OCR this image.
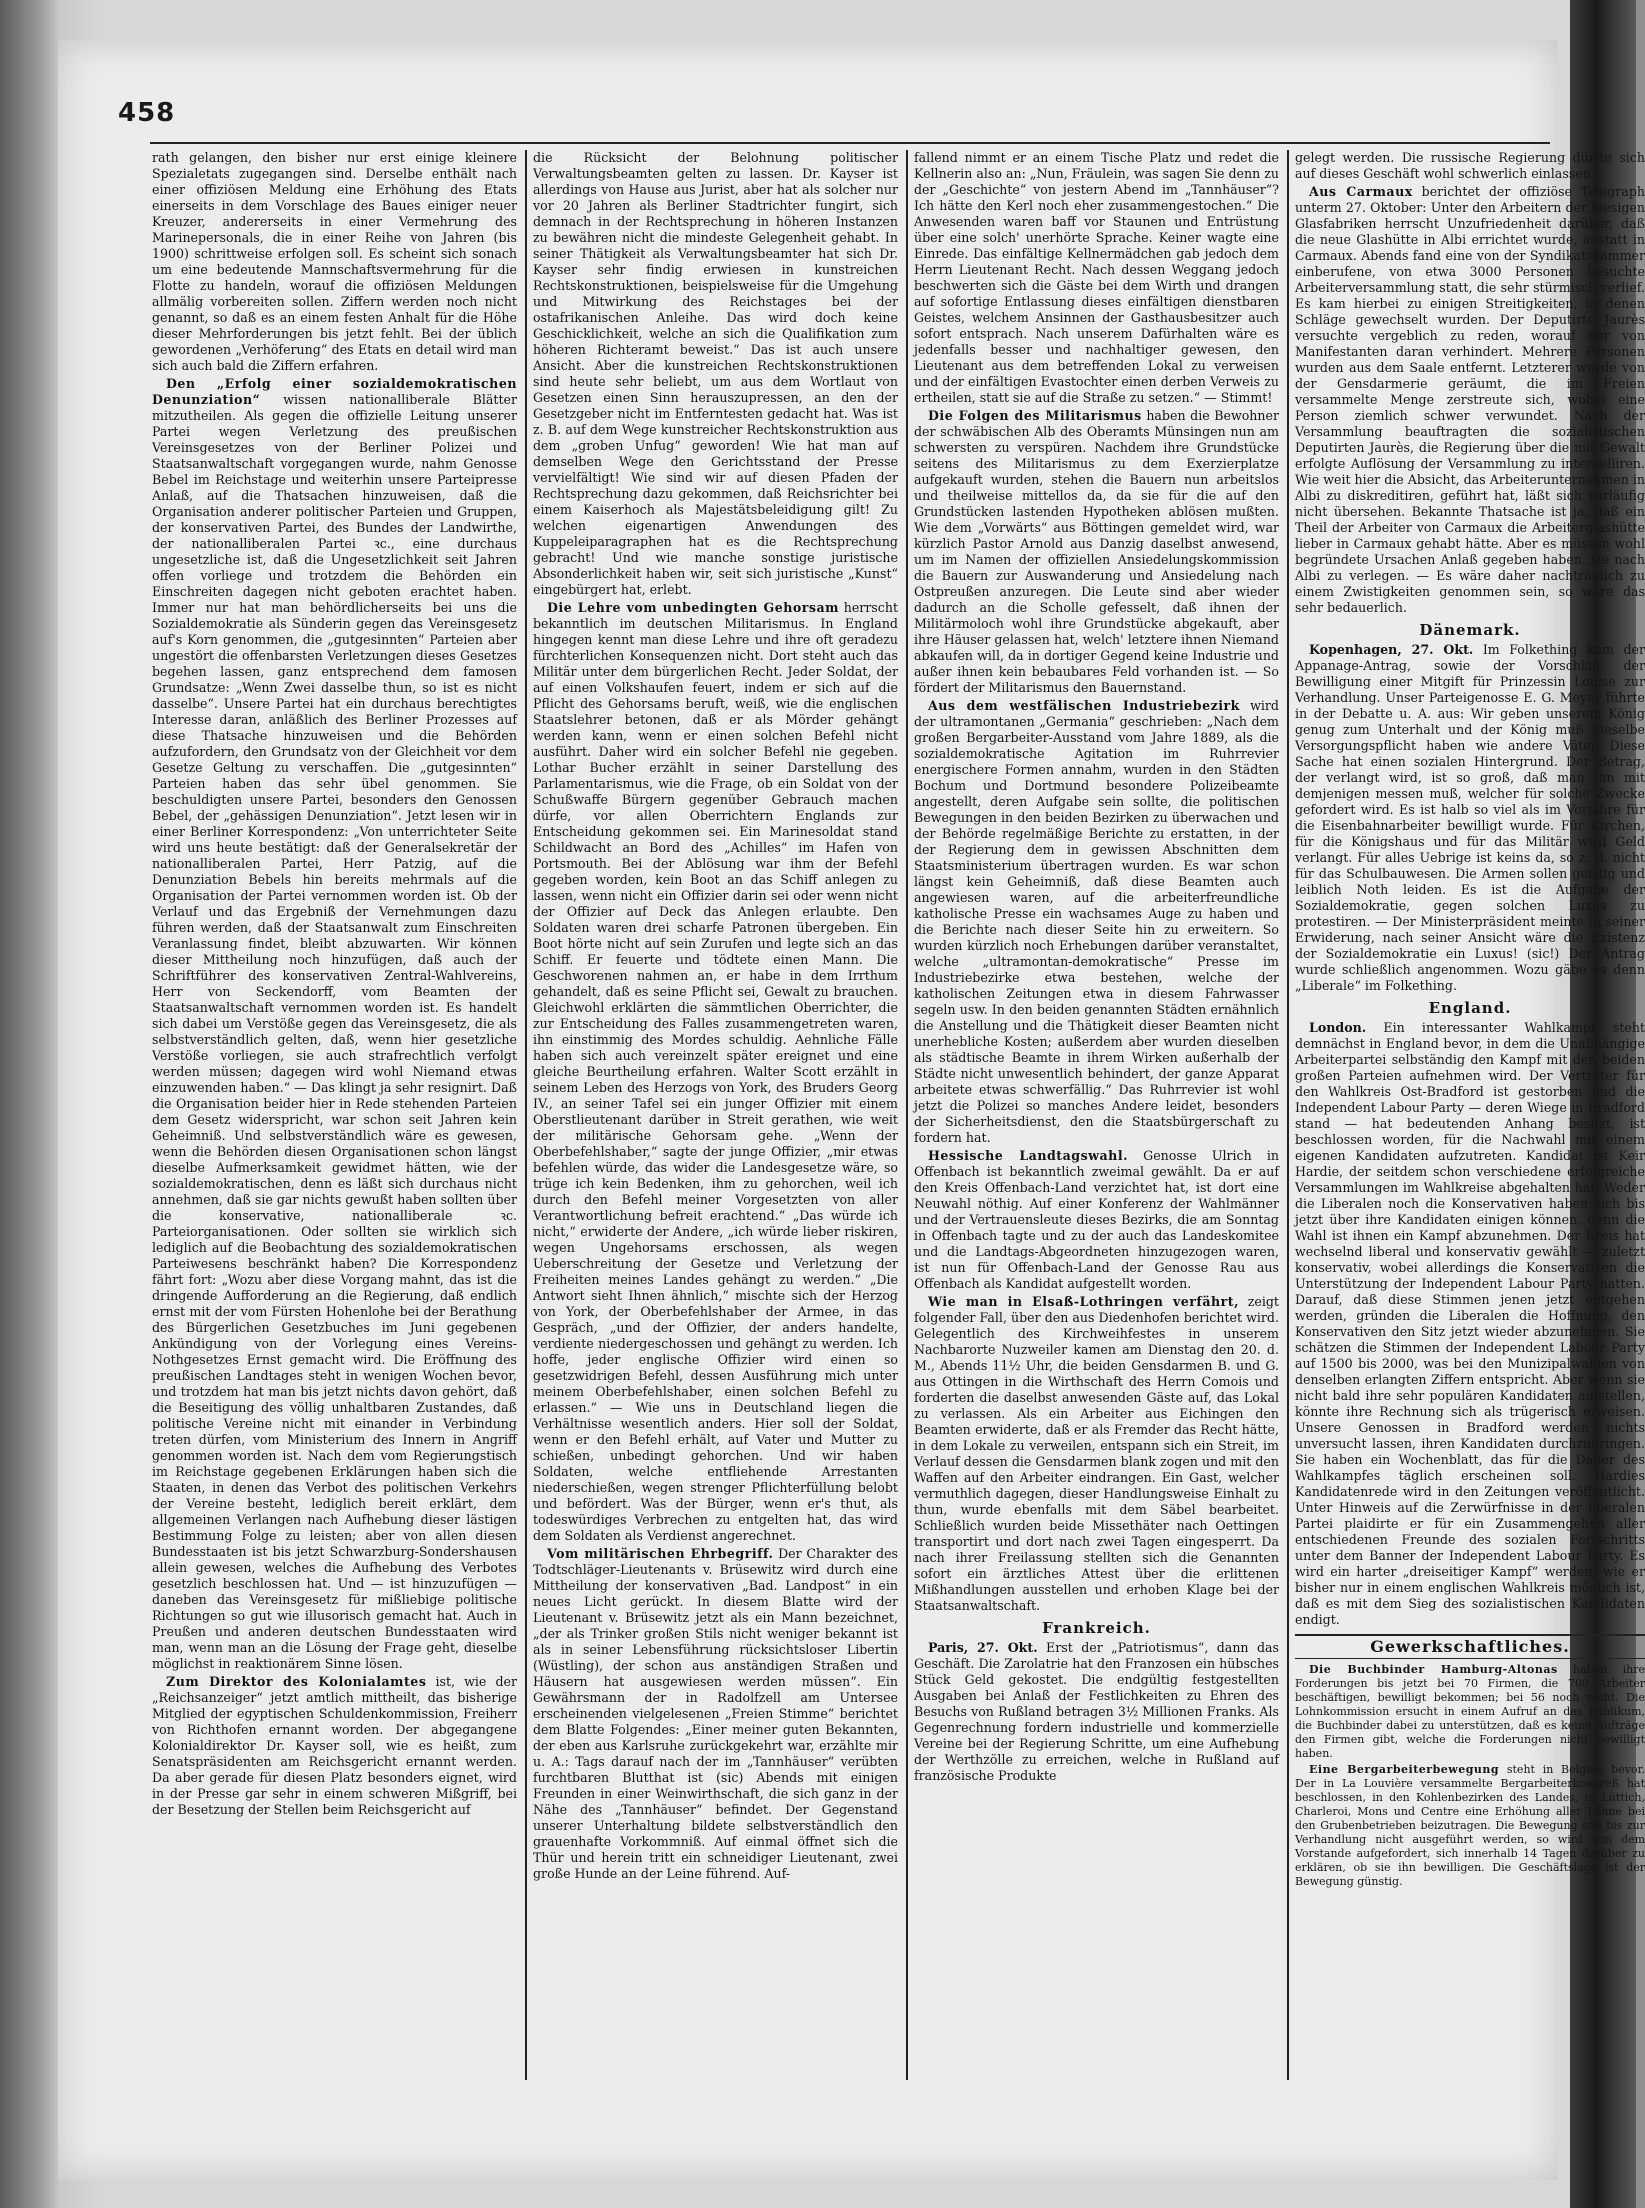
458

rath gelangen, den bisher nur erst einige kleinere Spezialetats zugegangen sind. Derselbe enthält nach einer offiziösen Meldung eine Erhöhung des Etats einerseits in dem Vorschlage des Baues einiger neuer Kreuzer, andererseits in einer Vermehrung des Marinepersonals, die in einer Reihe von Jahren (bis 1900) schrittweise erfolgen soll. Es scheint sich sonach um eine bedeutende Mannschaftsvermehrung für die Flotte zu handeln, worauf die offiziösen Meldungen allmälig vorbereiten sollen. Ziffern werden noch nicht genannt, so daß es an einem festen Anhalt für die Höhe dieser Mehrforderungen bis jetzt fehlt. Bei der üblich gewordenen „Verhöferung“ des Etats en detail wird man sich auch bald die Ziffern erfahren.

Den „Erfolg einer sozialdemokratischen Denunziation“ wissen nationalliberale Blätter mitzutheilen. Als gegen die offizielle Leitung unserer Partei wegen Verletzung des preußischen Vereinsgesetzes von der Berliner Polizei und Staatsanwaltschaft vorgegangen wurde, nahm Genosse Bebel im Reichstage und weiterhin unsere Parteipresse Anlaß, auf die Thatsachen hinzuweisen, daß die Organisation anderer politischer Parteien und Gruppen, der konservativen Partei, des Bundes der Landwirthe, der nationalliberalen Partei ꝛc., eine durchaus ungesetzliche ist, daß die Ungesetzlichkeit seit Jahren offen vorliege und trotzdem die Behörden ein Einschreiten dagegen nicht geboten erachtet haben. Immer nur hat man behördlicherseits bei uns die Sozialdemokratie als Sünderin gegen das Vereinsgesetz auf's Korn genommen, die „gutgesinnten“ Parteien aber ungestört die offenbarsten Verletzungen dieses Gesetzes begehen lassen, ganz entsprechend dem famosen Grundsatze: „Wenn Zwei dasselbe thun, so ist es nicht dasselbe“. Unsere Partei hat ein durchaus berechtigtes Interesse daran, anläßlich des Berliner Prozesses auf diese Thatsache hinzuweisen und die Behörden aufzufordern, den Grundsatz von der Gleichheit vor dem Gesetze Geltung zu verschaffen. Die „gutgesinnten“ Parteien haben das sehr übel genommen. Sie beschuldigten unsere Partei, besonders den Genossen Bebel, der „gehässigen Denunziation“. Jetzt lesen wir in einer Berliner Korrespondenz: „Von unterrichteter Seite wird uns heute bestätigt: daß der Generalsekretär der nationalliberalen Partei, Herr Patzig, auf die Denunziation Bebels hin bereits mehrmals auf die Organisation der Partei vernommen worden ist. Ob der Verlauf und das Ergebniß der Vernehmungen dazu führen werden, daß der Staatsanwalt zum Einschreiten Veranlassung findet, bleibt abzuwarten. Wir können dieser Mittheilung noch hinzufügen, daß auch der Schriftführer des konservativen Zentral-Wahlvereins, Herr von Seckendorff, vom Beamten der Staatsanwaltschaft vernommen worden ist. Es handelt sich dabei um Verstöße gegen das Vereinsgesetz, die als selbstverständlich gelten, daß, wenn hier gesetzliche Verstöße vorliegen, sie auch strafrechtlich verfolgt werden müssen; dagegen wird wohl Niemand etwas einzuwenden haben.“ — Das klingt ja sehr resignirt. Daß die Organisation beider hier in Rede stehenden Parteien dem Gesetz widerspricht, war schon seit Jahren kein Geheimniß. Und selbstverständlich wäre es gewesen, wenn die Behörden diesen Organisationen schon längst dieselbe Aufmerksamkeit gewidmet hätten, wie der sozialdemokratischen, denn es läßt sich durchaus nicht annehmen, daß sie gar nichts gewußt haben sollten über die konservative, nationalliberale ꝛc. Parteiorganisationen. Oder sollten sie wirklich sich lediglich auf die Beobachtung des sozialdemokratischen Parteiwesens beschränkt haben? Die Korrespondenz fährt fort: „Wozu aber diese Vorgang mahnt, das ist die dringende Aufforderung an die Regierung, daß endlich ernst mit der vom Fürsten Hohenlohe bei der Berathung des Bürgerlichen Gesetzbuches im Juni gegebenen Ankündigung von der Vorlegung eines Vereins-Nothgesetzes Ernst gemacht wird. Die Eröffnung des preußischen Landtages steht in wenigen Wochen bevor, und trotzdem hat man bis jetzt nichts davon gehört, daß die Beseitigung des völlig unhaltbaren Zustandes, daß politische Vereine nicht mit einander in Verbindung treten dürfen, vom Ministerium des Innern in Angriff genommen worden ist. Nach dem vom Regierungstisch im Reichstage gegebenen Erklärungen haben sich die Staaten, in denen das Verbot des politischen Verkehrs der Vereine besteht, lediglich bereit erklärt, dem allgemeinen Verlangen nach Aufhebung dieser lästigen Bestimmung Folge zu leisten; aber von allen diesen Bundesstaaten ist bis jetzt Schwarzburg-Sondershausen allein gewesen, welches die Aufhebung des Verbotes gesetzlich beschlossen hat. Und — ist hinzuzufügen — daneben das Vereinsgesetz für mißliebige politische Richtungen so gut wie illusorisch gemacht hat. Auch in Preußen und anderen deutschen Bundesstaaten wird man, wenn man an die Lösung der Frage geht, dieselbe möglichst in reaktionärem Sinne lösen.

Zum Direktor des Kolonialamtes ist, wie der „Reichsanzeiger“ jetzt amtlich mittheilt, das bisherige Mitglied der egyptischen Schuldenkommission, Freiherr von Richthofen ernannt worden. Der abgegangene Kolonialdirektor Dr. Kayser soll, wie es heißt, zum Senatspräsidenten am Reichsgericht ernannt werden. Da aber gerade für diesen Platz besonders eignet, wird in der Presse gar sehr in einem schweren Mißgriff, bei der Besetzung der Stellen beim Reichsgericht auf

die Rücksicht der Belohnung politischer Verwaltungsbeamten gelten zu lassen. Dr. Kayser ist allerdings von Hause aus Jurist, aber hat als solcher nur vor 20 Jahren als Berliner Stadtrichter fungirt, sich demnach in der Rechtsprechung in höheren Instanzen zu bewähren nicht die mindeste Gelegenheit gehabt. In seiner Thätigkeit als Verwaltungsbeamter hat sich Dr. Kayser sehr findig erwiesen in kunstreichen Rechtskonstruktionen, beispielsweise für die Umgehung und Mitwirkung des Reichstages bei der ostafrikanischen Anleihe. Das wird doch keine Geschicklichkeit, welche an sich die Qualifikation zum höheren Richteramt beweist.“ Das ist auch unsere Ansicht. Aber die kunstreichen Rechtskonstruktionen sind heute sehr beliebt, um aus dem Wortlaut von Gesetzen einen Sinn herauszupressen, an den der Gesetzgeber nicht im Entferntesten gedacht hat. Was ist z. B. auf dem Wege kunstreicher Rechtskonstruktion aus dem „groben Unfug“ geworden! Wie hat man auf demselben Wege den Gerichtsstand der Presse vervielfältigt! Wie sind wir auf diesen Pfaden der Rechtsprechung dazu gekommen, daß Reichsrichter bei einem Kaiserhoch als Majestätsbeleidigung gilt! Zu welchen eigenartigen Anwendungen des Kuppeleiparagraphen hat es die Rechtsprechung gebracht! Und wie manche sonstige juristische Absonderlichkeit haben wir, seit sich juristische „Kunst“ eingebürgert hat, erlebt.

Die Lehre vom unbedingten Gehorsam herrscht bekanntlich im deutschen Militarismus. In England hingegen kennt man diese Lehre und ihre oft geradezu fürchterlichen Konsequenzen nicht. Dort steht auch das Militär unter dem bürgerlichen Recht. Jeder Soldat, der auf einen Volkshaufen feuert, indem er sich auf die Pflicht des Gehorsams beruft, weiß, wie die englischen Staatslehrer betonen, daß er als Mörder gehängt werden kann, wenn er einen solchen Befehl nicht ausführt. Daher wird ein solcher Befehl nie gegeben. Lothar Bucher erzählt in seiner Darstellung des Parlamentarismus, wie die Frage, ob ein Soldat von der Schußwaffe Bürgern gegenüber Gebrauch machen dürfe, vor allen Oberrichtern Englands zur Entscheidung gekommen sei. Ein Marinesoldat stand Schildwacht an Bord des „Achilles“ im Hafen von Portsmouth. Bei der Ablösung war ihm der Befehl gegeben worden, kein Boot an das Schiff anlegen zu lassen, wenn nicht ein Offizier darin sei oder wenn nicht der Offizier auf Deck das Anlegen erlaubte. Den Soldaten waren drei scharfe Patronen übergeben. Ein Boot hörte nicht auf sein Zurufen und legte sich an das Schiff. Er feuerte und tödtete einen Mann. Die Geschworenen nahmen an, er habe in dem Irrthum gehandelt, daß es seine Pflicht sei, Gewalt zu brauchen. Gleichwohl erklärten die sämmtlichen Oberrichter, die zur Entscheidung des Falles zusammengetreten waren, ihn einstimmig des Mordes schuldig. Aehnliche Fälle haben sich auch vereinzelt später ereignet und eine gleiche Beurtheilung erfahren. Walter Scott erzählt in seinem Leben des Herzogs von York, des Bruders Georg IV., an seiner Tafel sei ein junger Offizier mit einem Oberstlieutenant darüber in Streit gerathen, wie weit der militärische Gehorsam gehe. „Wenn der Oberbefehlshaber,“ sagte der junge Offizier, „mir etwas befehlen würde, das wider die Landesgesetze wäre, so trüge ich kein Bedenken, ihm zu gehorchen, weil ich durch den Befehl meiner Vorgesetzten von aller Verantwortlichung befreit erachtend.“ „Das würde ich nicht,“ erwiderte der Andere, „ich würde lieber riskiren, wegen Ungehorsams erschossen, als wegen Ueberschreitung der Gesetze und Verletzung der Freiheiten meines Landes gehängt zu werden.“ „Die Antwort sieht Ihnen ähnlich,“ mischte sich der Herzog von York, der Oberbefehlshaber der Armee, in das Gespräch, „und der Offizier, der anders handelte, verdiente niedergeschossen und gehängt zu werden. Ich hoffe, jeder englische Offizier wird einen so gesetzwidrigen Befehl, dessen Ausführung mich unter meinem Oberbefehlshaber, einen solchen Befehl zu erlassen.“ — Wie uns in Deutschland liegen die Verhältnisse wesentlich anders. Hier soll der Soldat, wenn er den Befehl erhält, auf Vater und Mutter zu schießen, unbedingt gehorchen. Und wir haben Soldaten, welche entfliehende Arrestanten niederschießen, wegen strenger Pflichterfüllung belobt und befördert. Was der Bürger, wenn er's thut, als todeswürdiges Verbrechen zu entgelten hat, das wird dem Soldaten als Verdienst angerechnet.

Vom militärischen Ehrbegriff. Der Charakter des Todtschläger-Lieutenants v. Brüsewitz wird durch eine Mittheilung der konservativen „Bad. Landpost“ in ein neues Licht gerückt. In diesem Blatte wird der Lieutenant v. Brüsewitz jetzt als ein Mann bezeichnet, „der als Trinker großen Stils nicht weniger bekannt ist als in seiner Lebensführung rücksichtsloser Libertin (Wüstling), der schon aus anständigen Straßen und Häusern hat ausgewiesen werden müssen“. Ein Gewährsmann der in Radolfzell am Untersee erscheinenden vielgelesenen „Freien Stimme“ berichtet dem Blatte Folgendes: „Einer meiner guten Bekannten, der eben aus Karlsruhe zurückgekehrt war, erzählte mir u. A.: Tags darauf nach der im „Tannhäuser“ verübten furchtbaren Blutthat ist (sic) Abends mit einigen Freunden in einer Weinwirthschaft, die sich ganz in der Nähe des „Tannhäuser“ befindet. Der Gegenstand unserer Unterhaltung bildete selbstverständlich den grauenhafte Vorkommniß. Auf einmal öffnet sich die Thür und herein tritt ein schneidiger Lieutenant, zwei große Hunde an der Leine führend. Auf-

fallend nimmt er an einem Tische Platz und redet die Kellnerin also an: „Nun, Fräulein, was sagen Sie denn zu der „Geschichte“ von jestern Abend im „Tannhäuser“? Ich hätte den Kerl noch eher zusammengestochen.“ Die Anwesenden waren baff vor Staunen und Entrüstung über eine solch' unerhörte Sprache. Keiner wagte eine Einrede. Das einfältige Kellnermädchen gab jedoch dem Herrn Lieutenant Recht. Nach dessen Weggang jedoch beschwerten sich die Gäste bei dem Wirth und drangen auf sofortige Entlassung dieses einfältigen dienstbaren Geistes, welchem Ansinnen der Gasthausbesitzer auch sofort entsprach. Nach unserem Dafürhalten wäre es jedenfalls besser und nachhaltiger gewesen, den Lieutenant aus dem betreffenden Lokal zu verweisen und der einfältigen Evastochter einen derben Verweis zu ertheilen, statt sie auf die Straße zu setzen.“ — Stimmt!

Die Folgen des Militarismus haben die Bewohner der schwäbischen Alb des Oberamts Münsingen nun am schwersten zu verspüren. Nachdem ihre Grundstücke seitens des Militarismus zu dem Exerzierplatze aufgekauft wurden, stehen die Bauern nun arbeitslos und theilweise mittellos da, da sie für die auf den Grundstücken lastenden Hypotheken ablösen mußten. Wie dem „Vorwärts“ aus Böttingen gemeldet wird, war kürzlich Pastor Arnold aus Danzig daselbst anwesend, um im Namen der offiziellen Ansiedelungskommission die Bauern zur Auswanderung und Ansiedelung nach Ostpreußen anzuregen. Die Leute sind aber wieder dadurch an die Scholle gefesselt, daß ihnen der Militärmoloch wohl ihre Grundstücke abgekauft, aber ihre Häuser gelassen hat, welch' letztere ihnen Niemand abkaufen will, da in dortiger Gegend keine Industrie und außer ihnen kein bebaubares Feld vorhanden ist. — So fördert der Militarismus den Bauernstand.

Aus dem westfälischen Industriebezirk wird der ultramontanen „Germania“ geschrieben: „Nach dem großen Bergarbeiter-Ausstand vom Jahre 1889, als die sozialdemokratische Agitation im Ruhrrevier energischere Formen annahm, wurden in den Städten Bochum und Dortmund besondere Polizeibeamte angestellt, deren Aufgabe sein sollte, die politischen Bewegungen in den beiden Bezirken zu überwachen und der Behörde regelmäßige Berichte zu erstatten, in der der Regierung dem in gewissen Abschnitten dem Staatsministerium übertragen wurden. Es war schon längst kein Geheimniß, daß diese Beamten auch angewiesen waren, auf die arbeiterfreundliche katholische Presse ein wachsames Auge zu haben und die Berichte nach dieser Seite hin zu erweitern. So wurden kürzlich noch Erhebungen darüber veranstaltet, welche „ultramontan-demokratische“ Presse im Industriebezirke etwa bestehen, welche der katholischen Zeitungen etwa in diesem Fahrwasser segeln usw. In den beiden genannten Städten ernähnlich die Anstellung und die Thätigkeit dieser Beamten nicht unerhebliche Kosten; außerdem aber wurden dieselben als städtische Beamte in ihrem Wirken außerhalb der Städte nicht unwesentlich behindert, der ganze Apparat arbeitete etwas schwerfällig.“ Das Ruhrrevier ist wohl jetzt die Polizei so manches Andere leidet, besonders der Sicherheitsdienst, den die Staatsbürgerschaft zu fordern hat.

Hessische Landtagswahl. Genosse Ulrich in Offenbach ist bekanntlich zweimal gewählt. Da er auf den Kreis Offenbach-Land verzichtet hat, ist dort eine Neuwahl nöthig. Auf einer Konferenz der Wahlmänner und der Vertrauensleute dieses Bezirks, die am Sonntag in Offenbach tagte und zu der auch das Landeskomitee und die Landtags-Abgeordneten hinzugezogen waren, ist nun für Offenbach-Land der Genosse Rau aus Offenbach als Kandidat aufgestellt worden.

Wie man in Elsaß-Lothringen verfährt, zeigt folgender Fall, über den aus Diedenhofen berichtet wird. Gelegentlich des Kirchweihfestes in unserem Nachbarorte Nuzweiler kamen am Dienstag den 20. d. M., Abends 11½ Uhr, die beiden Gensdarmen B. und G. aus Ottingen in die Wirthschaft des Herrn Comois und forderten die daselbst anwesenden Gäste auf, das Lokal zu verlassen. Als ein Arbeiter aus Eichingen den Beamten erwiderte, daß er als Fremder das Recht hätte, in dem Lokale zu verweilen, entspann sich ein Streit, im Verlauf dessen die Gensdarmen blank zogen und mit den Waffen auf den Arbeiter eindrangen. Ein Gast, welcher vermuthlich dagegen, dieser Handlungsweise Einhalt zu thun, wurde ebenfalls mit dem Säbel bearbeitet. Schließlich wurden beide Missethäter nach Oettingen transportirt und dort nach zwei Tagen eingesperrt. Da nach ihrer Freilassung stellten sich die Genannten sofort ein ärztliches Attest über die erlittenen Mißhandlungen ausstellen und erhoben Klage bei der Staatsanwaltschaft.

Frankreich.

Paris, 27. Okt. Erst der „Patriotismus“, dann das Geschäft. Die Zarolatrie hat den Franzosen ein hübsches Stück Geld gekostet. Die endgültig festgestellten Ausgaben bei Anlaß der Festlichkeiten zu Ehren des Besuchs von Rußland betragen 3½ Millionen Franks. Als Gegenrechnung fordern industrielle und kommerzielle Vereine bei der Regierung Schritte, um eine Aufhebung der Werthzölle zu erreichen, welche in Rußland auf französische Produkte

gelegt werden. Die russische Regierung dürfte sich auf dieses Geschäft wohl schwerlich einlassen.

Aus Carmaux berichtet der offiziöse Telegraph unterm 27. Oktober: Unter den Arbeitern der hiesigen Glasfabriken herrscht Unzufriedenheit darüber, daß die neue Glashütte in Albi errichtet wurde, anstatt in Carmaux. Abends fand eine von der Syndikatskammer einberufene, von etwa 3000 Personen besuchte Arbeiterversammlung statt, die sehr stürmisch verlief. Es kam hierbei zu einigen Streitigkeiten, in denen Schläge gewechselt wurden. Der Deputirte Jaurès versuchte vergeblich zu reden, worauf der von Manifestanten daran verhindert. Mehrere Personen wurden aus dem Saale entfernt. Letzterer wurde von der Gensdarmerie geräumt, die im Freien versammelte Menge zerstreute sich, wobei eine Person ziemlich schwer verwundet. Nach der Versammlung beauftragten die sozialistischen Deputirten Jaurès, die Regierung über die mit Gewalt erfolgte Auflösung der Versammlung zu interpelliren. Wie weit hier die Absicht, das Arbeiterunternehmen in Albi zu diskreditiren, geführt hat, läßt sich vorläufig nicht übersehen. Bekannte Thatsache ist ja, daß ein Theil der Arbeiter von Carmaux die Arbeiterglashütte lieber in Carmaux gehabt hätte. Aber es müssen wohl begründete Ursachen Anlaß gegeben haben, sie nach Albi zu verlegen. — Es wäre daher nachträglich zu einem Zwistigkeiten genommen sein, so wäre das sehr bedauerlich.

Dänemark.

Kopenhagen, 27. Okt. Im Folkething kam der Appanage-Antrag, sowie der Vorschlag der Bewilligung einer Mitgift für Prinzessin Louise zur Verhandlung. Unser Parteigenosse E. G. Meyer führte in der Debatte u. A. aus: Wir geben unserem König genug zum Unterhalt und der König muß dieselbe Versorgungspflicht haben wie andere Väter. Diese Sache hat einen sozialen Hintergrund. Der Betrag, der verlangt wird, ist so groß, daß man ihn mit demjenigen messen muß, welcher für solche Zwecke gefordert wird. Es ist halb so viel als im Vorjahre für die Eisenbahnarbeiter bewilligt wurde. Für Kirchen, für die Königshaus und für das Militär wird Geld verlangt. Für alles Uebrige ist keins da, so z. B. nicht für das Schulbauwesen. Die Armen sollen geistig und leiblich Noth leiden. Es ist die Aufgabe der Sozialdemokratie, gegen solchen Luxus zu protestiren. — Der Ministerpräsident meinte in seiner Erwiderung, nach seiner Ansicht wäre die Existenz der Sozialdemokratie ein Luxus! (sic!) Der Antrag wurde schließlich angenommen. Wozu gäbe es denn „Liberale“ im Folkething.

England.

London. Ein interessanter Wahlkampf steht demnächst in England bevor, in dem die Unabhängige Arbeiterpartei selbständig den Kampf mit den beiden großen Parteien aufnehmen wird. Der Vertreter für den Wahlkreis Ost-Bradford ist gestorben und die Independent Labour Party — deren Wiege in Bradford stand — hat bedeutenden Anhang besitzt, ist beschlossen worden, für die Nachwahl mit einem eigenen Kandidaten aufzutreten. Kandidat ist Keir Hardie, der seitdem schon verschiedene erfolgreiche Versammlungen im Wahlkreise abgehalten hat. Weder die Liberalen noch die Konservativen haben sich bis jetzt über ihre Kandidaten einigen können, denn die Wahl ist ihnen ein Kampf abzunehmen. Der Kreis hat wechselnd liberal und konservativ gewählt — zuletzt konservativ, wobei allerdings die Konservativen die Unterstützung der Independent Labour Party hatten. Darauf, daß diese Stimmen jenen jetzt entgehen werden, gründen die Liberalen die Hoffnung, den Konservativen den Sitz jetzt wieder abzunehmen. Sie schätzen die Stimmen der Independent Labour Party auf 1500 bis 2000, was bei den Munizipalwahlen von denselben erlangten Ziffern entspricht. Aber wenn sie nicht bald ihre sehr populären Kandidaten aufstellen, könnte ihre Rechnung sich als trügerisch erweisen. Unsere Genossen in Bradford werden nichts unversucht lassen, ihren Kandidaten durchzubringen. Sie haben ein Wochenblatt, das für die Dauer des Wahlkampfes täglich erscheinen soll. Hardies Kandidatenrede wird in den Zeitungen veröffentlicht. Unter Hinweis auf die Zerwürfnisse in der liberalen Partei plaidirte er für ein Zusammengehen aller entschiedenen Freunde des sozialen Fortschritts unter dem Banner der Independent Labour Party. Es wird ein harter „dreiseitiger Kampf“ werden, wie er bisher nur in einem englischen Wahlkreis möglich ist, daß es mit dem Sieg des sozialistischen Kandidaten endigt.

Gewerkschaftliches.

Die Buchbinder Hamburg-Altonas haben ihre Forderungen bis jetzt bei 70 Firmen, die 700 Arbeiter beschäftigen, bewilligt bekommen; bei 56 noch nicht. Die Lohnkommission ersucht in einem Aufruf an das Publikum, die Buchbinder dabei zu unterstützen, daß es keine Aufträge den Firmen gibt, welche die Forderungen nicht bewilligt haben.

Eine Bergarbeiterbewegung steht in Belgien bevor. Der in La Louvière versammelte Bergarbeiterkongreß hat beschlossen, in den Kohlenbezirken des Landes, in Lüttich, Charleroi, Mons und Centre eine Erhöhung aller Löhne bei den Grubenbetrieben beizutragen. Die Bewegung soll bis zur Verhandlung nicht ausgeführt werden, so wird von dem Vorstande aufgefordert, sich innerhalb 14 Tagen darüber zu erklären, ob sie ihn bewilligen. Die Geschäftslage ist der Bewegung günstig.
